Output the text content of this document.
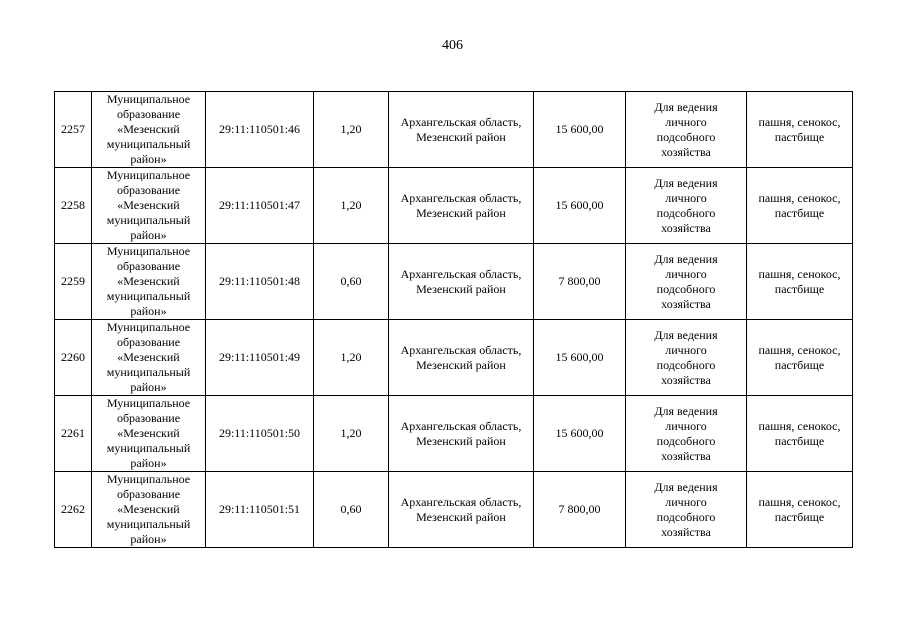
406
2257	Муниципальное
образование
«Мезенский
муниципальный
район»	29:11:110501:46	1,20	Архангельская область,
Мезенский район	15 600,00	Для ведения
личного
подсобного
хозяйства	пашня, сенокос,
пастбище

2258	Муниципальное
образование
«Мезенский
муниципальный
район»	29:11:110501:47	1,20	Архангельская область,
Мезенский район	15 600,00	Для ведения
личного
подсобного
хозяйства	пашня, сенокос,
пастбище

2259	Муниципальное
образование
«Мезенский
муниципальный
район»	29:11:110501:48	0,60	Архангельская область,
Мезенский район	7 800,00	Для ведения
личного
подсобного
хозяйства	пашня, сенокос,
пастбище

2260	Муниципальное
образование
«Мезенский
муниципальный
район»	29:11:110501:49	1,20	Архангельская область,
Мезенский район	15 600,00	Для ведения
личного
подсобного
хозяйства	пашня, сенокос,
пастбище

2261	Муниципальное
образование
«Мезенский
муниципальный
район»	29:11:110501:50	1,20	Архангельская область,
Мезенский район	15 600,00	Для ведения
личного
подсобного
хозяйства	пашня, сенокос,
пастбище

2262	Муниципальное
образование
«Мезенский
муниципальный
район»	29:11:110501:51	0,60	Архангельская область,
Мезенский район	7 800,00	Для ведения
личного
подсобного
хозяйства	пашня, сенокос,
пастбище
